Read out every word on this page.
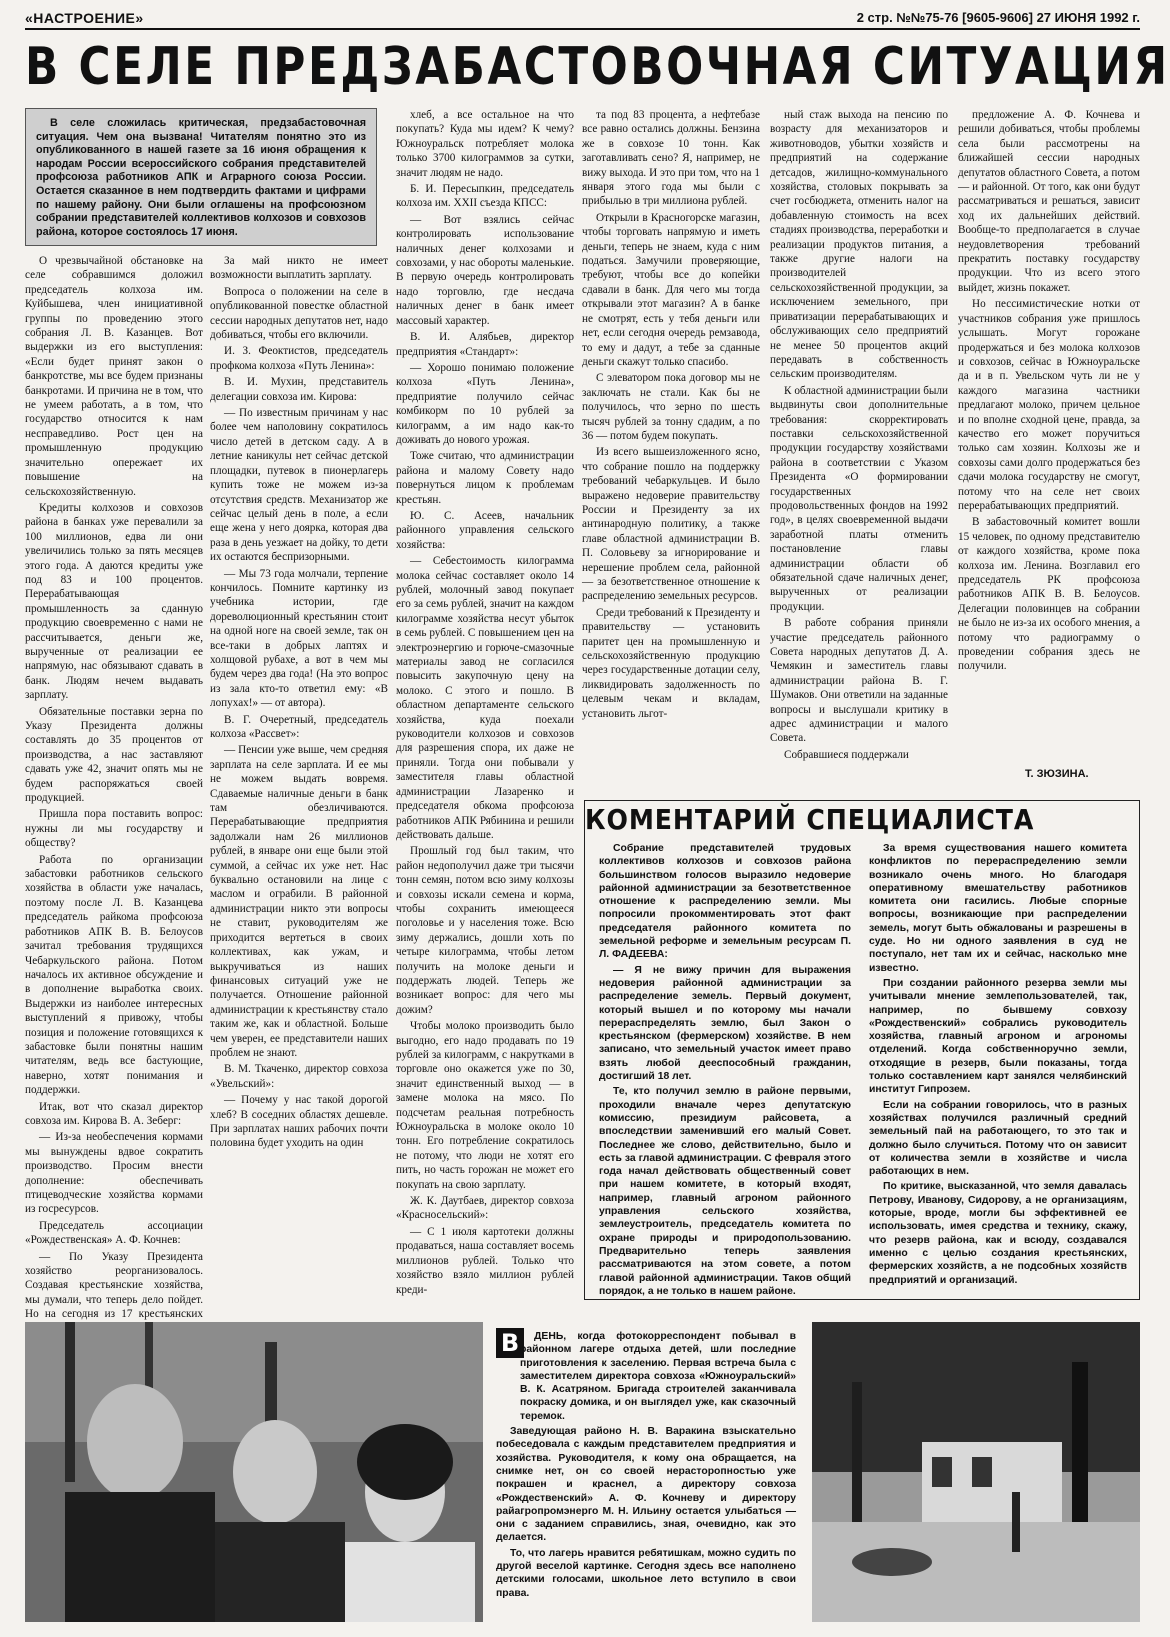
«НАСТРОЕНИЕ»	2 стр. №№75-76 [9605-9606] 27 ИЮНЯ 1992 г.
В СЕЛЕ ПРЕДЗАБАСТОВОЧНАЯ СИТУАЦИЯ

В селе сложилась критическая, предзабастовочная ситуация. Чем она вызвана! Читателям понятно это из опубликованного в нашей газете за 16 июня обращения к народам России всероссийского собрания представителей профсоюза работников АПК и Аграрного союза России. Остается сказанное в нем подтвердить фактами и цифрами по нашему району. Они были оглашены на профсоюзном собрании представителей коллективов колхозов и совхозов района, которое состоялось 17 июня.

О чрезвычайной обстановке на селе собравшимся доложил председатель колхоза им. Куйбышева, член инициативной группы по проведению этого собрания Л. В. Казанцев. Вот выдержки из его выступления: «Если будет принят закон о банкротстве, мы все будем признаны банкротами. И причина не в том, что не умеем работать, а в том, что государство относится к нам несправедливо. Рост цен на промышленную продукцию значительно опережает их повышение на сельскохозяйственную.

Кредиты колхозов и совхозов района в банках уже перевалили за 100 миллионов, едва ли они увеличились только за пять месяцев этого года. А даются кредиты уже под 83 и 100 процентов. Перерабатывающая промышленность за сданную продукцию своевременно с нами не рассчитывается, деньги же, вырученные от реализации ее напрямую, нас обязывают сдавать в банк. Людям нечем выдавать зарплату.

Обязательные поставки зерна по Указу Президента должны составлять до 35 процентов от производства, а нас заставляют сдавать уже 42, значит опять мы не будем распоряжаться своей продукцией.

Пришла пора поставить вопрос: нужны ли мы государству и обществу?

Работа по организации забастовки работников сельского хозяйства в области уже началась, поэтому после Л. В. Казанцева председатель райкома профсоюза работников АПК В. В. Белоусов зачитал требования трудящихся Чебаркульского района. Потом началось их активное обсуждение и в дополнение выработка своих. Выдержки из наиболее интересных выступлений я привожу, чтобы позиция и положение готовящихся к забастовке были понятны нашим читателям, ведь все бастующие, наверно, хотят понимания и поддержки.

Итак, вот что сказал директор совхоза им. Кирова В. А. Зеберг:

— Из-за необеспечения кормами мы вынуждены вдвое сократить производство. Просим внести дополнение: обеспечивать птицеводческие хозяйства кормами из госресурсов.

Председатель ассоциации «Рождественская» А. Ф. Кочнев:

— По Указу Президента хозяйство реорганизовалось. Создавая крестьянские хозяйства, мы думали, что теперь дело пойдет. Но на сегодня из 17 крестьянских

За май никто не имеет возможности выплатить зарплату.

Вопроса о положении на селе в опубликованной повестке областной сессии народных депутатов нет, надо добиваться, чтобы его включили.

И. З. Феоктистов, председатель профкома колхоза «Путь Ленина»:

В. И. Мухин, представитель делегации совхоза им. Кирова:

— По известным причинам у нас более чем наполовину сократилось число детей в детском саду. А в летние каникулы нет сейчас детской площадки, путевок в пионерлагерь купить тоже не можем из-за отсутствия средств. Механизатор же сейчас целый день в поле, а если еще жена у него доярка, которая два раза в день уезжает на дойку, то дети их остаются беспризорными.

— Мы 73 года молчали, терпение кончилось. Помните картинку из учебника истории, где дореволюционный крестьянин стоит на одной ноге на своей земле, так он все-таки в добрых лаптях и холщовой рубахе, а вот в чем мы будем через два года! (На это вопрос из зала кто-то ответил ему: «В лопухах!» — от автора).

В. Г. Очеретный, председатель колхоза «Рассвет»:

— Пенсии уже выше, чем средняя зарплата на селе зарплата. И ее мы не можем выдать вовремя. Сдаваемые наличные деньги в банк там обезличиваются. Перерабатывающие предприятия задолжали нам 26 миллионов рублей, в январе они еще были этой суммой, а сейчас их уже нет. Нас буквально остановили на лице с маслом и ограбили. В районной администрации никто эти вопросы не ставит, руководителям же приходится вертеться в своих коллективах, как ужам, и выкручиваться из наших финансовых ситуаций уже не получается. Отношение районной администрации к крестьянству стало таким же, как и областной. Больше чем уверен, ее представители наших проблем не знают.

В. М. Ткаченко, директор совхоза «Увельский»:

— Почему у нас такой дорогой хлеб? В соседних областях дешевле. При зарплатах наших рабочих почти половина будет уходить на один

хлеб, а все остальное на что покупать? Куда мы идем? К чему? Южноуральск потребляет молока только 3700 килограммов за сутки, значит людям не надо.

Б. И. Пересыпкин, председатель колхоза им. XXII съезда КПСС:

— Вот взялись сейчас контролировать использование наличных денег колхозами и совхозами, у нас обороты маленькие. В первую очередь контролировать надо торговлю, где несдача наличных денег в банк имеет массовый характер.

В. И. Алябьев, директор предприятия «Стандарт»:

— Хорошо понимаю положение колхоза «Путь Ленина», предприятие получило сейчас комбикорм по 10 рублей за килограмм, а им надо как-то доживать до нового урожая.

Тоже считаю, что администрации района и малому Совету надо повернуться лицом к проблемам крестьян.

Ю. С. Асеев, начальник районного управления сельского хозяйства:

— Себестоимость килограмма молока сейчас составляет около 14 рублей, молочный завод покупает его за семь рублей, значит на каждом килограмме хозяйства несут убыток в семь рублей. С повышением цен на электроэнергию и горюче-смазочные материалы завод не согласился повысить закупочную цену на молоко. С этого и пошло. В областном департаменте сельского хозяйства, куда поехали руководители колхозов и совхозов для разрешения спора, их даже не приняли. Тогда они побывали у заместителя главы областной администрации Лазаренко и председателя обкома профсоюза работников АПК Рябинина и решили действовать дальше.

Прошлый год был таким, что район недополучил даже три тысячи тонн семян, потом всю зиму колхозы и совхозы искали семена и корма, чтобы сохранить имеющееся поголовье и у населения тоже. Всю зиму держались, дошли хоть по четыре килограмма, чтобы летом получить на молоке деньги и поддержать людей. Теперь же возникает вопрос: для чего мы дожим?

Чтобы молоко производить было выгодно, его надо продавать по 19 рублей за килограмм, с накрутками в торговле оно окажется уже по 30, значит единственный выход — в замене молока на мясо. По подсчетам реальная потребность Южноуральска в молоке около 10 тонн. Его потребление сократилось не потому, что люди не хотят его пить, но часть горожан не может его покупать на свою зарплату.

Ж. К. Даутбаев, директор совхоза «Красносельский»:

— С 1 июля картотеки должны продаваться, наша составляет восемь миллионов рублей. Только что хозяйство взяло миллион рублей креди-

та под 83 процента, а нефтебазе все равно остались должны. Бензина же в совхозе 10 тонн. Как заготавливать сено? Я, например, не вижу выхода. И это при том, что на 1 января этого года мы были с прибылью в три миллиона рублей.

Открыли в Красногорске магазин, чтобы торговать напрямую и иметь деньги, теперь не знаем, куда с ним податься. Замучили проверяющие, требуют, чтобы все до копейки сдавали в банк. Для чего мы тогда открывали этот магазин? А в банке не смотрят, есть у тебя деньги или нет, если сегодня очередь ремзавода, то ему и дадут, а тебе за сданные деньги скажут только спасибо.

С элеватором пока договор мы не заключать не стали. Как бы не получилось, что зерно по шесть тысяч рублей за тонну сдадим, а по 36 — потом будем покупать.

Из всего вышеизложенного ясно, что собрание пошло на поддержку требований чебаркульцев. И было выражено недоверие правительству России и Президенту за их антинародную политику, а также главе областной администрации В. П. Соловьеву за игнорирование и нерешение проблем села, районной — за безответственное отношение к распределению земельных ресурсов.

Среди требований к Президенту и правительству — установить паритет цен на промышленную и сельскохозяйственную продукцию через государственные дотации селу, ликвидировать задолженность по целевым чекам и вкладам, установить льгот-

ный стаж выхода на пенсию по возрасту для механизаторов и животноводов, убытки хозяйств и предприятий на содержание детсадов, жилищно-коммунального хозяйства, столовых покрывать за счет госбюджета, отменить налог на добавленную стоимость на всех стадиях производства, переработки и реализации продуктов питания, а также другие налоги на производителей сельскохозяйственной продукции, за исключением земельного, при приватизации перерабатывающих и обслуживающих село предприятий не менее 50 процентов акций передавать в собственность сельским производителям.

К областной администрации были выдвинуты свои дополнительные требования: скорректировать поставки сельскохозяйственной продукции государству хозяйствами района в соответствии с Указом Президента «О формировании государственных продовольственных фондов на 1992 год», в целях своевременной выдачи заработной платы отменить постановление главы администрации области об обязательной сдаче наличных денег, вырученных от реализации продукции.

В работе собрания приняли участие председатель районного Совета народных депутатов Д. А. Чемякин и заместитель главы администрации района В. Г. Шумаков. Они ответили на заданные вопросы и выслушали критику в адрес администрации и малого Совета.

Собравшиеся поддержали

предложение А. Ф. Кочнева и решили добиваться, чтобы проблемы села были рассмотрены на ближайшей сессии народных депутатов областного Совета, а потом — и районной. От того, как они будут рассматриваться и решаться, зависит ход их дальнейших действий. Вообще-то предполагается в случае неудовлетворения требований прекратить поставку государству продукции. Что из всего этого выйдет, жизнь покажет.

Но пессимистические нотки от участников собрания уже пришлось услышать. Могут горожане продержаться и без молока колхозов и совхозов, сейчас в Южноуральске да и в п. Увельском чуть ли не у каждого магазина частники предлагают молоко, причем цельное и по вполне сходной цене, правда, за качество его может поручиться только сам хозяин. Колхозы же и совхозы сами долго продержаться без сдачи молока государству не смогут, потому что на селе нет своих перерабатывающих предприятий.

В забастовочный комитет вошли 15 человек, по одному представителю от каждого хозяйства, кроме покa колхоза им. Ленина. Возглавил его председатель РК профсоюза работников АПК В. В. Белоусов. Делегации половинцев на собрании не было не из-за их особого мнения, а потому что радиограмму о проведении собрания здесь не получили.

Т. ЗЮЗИНА.
КОМЕНТАРИЙ СПЕЦИАЛИСТА

Собрание представителей трудовых коллективов колхозов и совхозов района большинством голосов выразило недоверие районной администрации за безответственное отношение к распределению земли. Мы попросили прокомментировать этот факт председателя районного комитета по земельной реформе и земельным ресурсам П. Л. ФАДЕЕВА:

— Я не вижу причин для выражения недоверия районной администрации за распределение земель. Первый документ, который вышел и по которому мы начали перераспределять землю, был Закон о крестьянском (фермерском) хозяйстве. В нем записано, что земельный участок имеет право взять любой дееспособный гражданин, достигший 18 лет.

Те, кто получил землю в районе первыми, проходили вначале через депутатскую комиссию, президиум райсовета, а впоследствии заменивший его малый Совет. Последнее же слово, действительно, было и есть за главой администрации. С февраля этого года начал действовать общественный совет при нашем комитете, в который входят, например, главный агроном районного управления сельского хозяйства, землеустроитель, председатель комитета по охране природы и природопользованию. Предварительно теперь заявления рассматриваются на этом совете, а потом главой районной администрации. Таков общий порядок, а не только в нашем районе.

За время существования нашего комитета конфликтов по перераспределению земли возникало очень много. Но благодаря оперативному вмешательству работников комитета они гасились. Любые спорные вопросы, возникающие при распределении земель, могут быть обжалованы и разрешены в суде. Но ни одного заявления в суд не поступало, нет там их и сейчас, насколько мне известно.

При создании районного резерва земли мы учитывали мнение землепользователей, так, например, по бывшему совхозу «Рождественский» собрались руководитель хозяйства, главный агроном и агрономы отделений. Когда собственноручно земли, отходящие в резерв, были показаны, тогда только составлением карт занялся челябинский институт Гипрозем.

Если на собрании говорилось, что в разных хозяйствах получился различный средний земельный пай на работающего, то это так и должно было случиться. Потому что он зависит от количества земли в хозяйстве и числа работающих в нем.

По критике, высказанной, что земля давалась Петрову, Иванову, Сидорову, а не организациям, которые, вроде, могли бы эффективней ее использовать, имея средства и технику, скажу, что резерв района, как и всюду, создавался именно с целью создания крестьянских, фермерских хозяйств, а не подсобных хозяйств предприятий и организаций.

В	ДЕНЬ, когда фотокорреспондент побывал в районном лагере отдыха детей, шли последние приготовления к заселению. Первая встреча была с заместителем директора совхоза «Южноуральский» В. К. Асатряном. Бригада строителей заканчивала покраску домика, и он выглядел уже, как сказочный теремок.

Заведующая районо Н. В. Варакина взыскательно побеседовала с каждым представителем предприятия и хозяйства. Руководителя, к кому она обращается, на снимке нет, он со своей нерасторопностью уже покрашен и краснел, а директору совхоза «Рождественский» А. Ф. Кочневу и директору райагропромэнерго М. Н. Ильину остается улыбаться — они с заданием справились, зная, очевидно, как это делается.

То, что лагерь нравится ребятишкам, можно судить по другой веселой картинке. Сегодня здесь все наполнено детскими голосами, школьное лето вступило в свои права.
